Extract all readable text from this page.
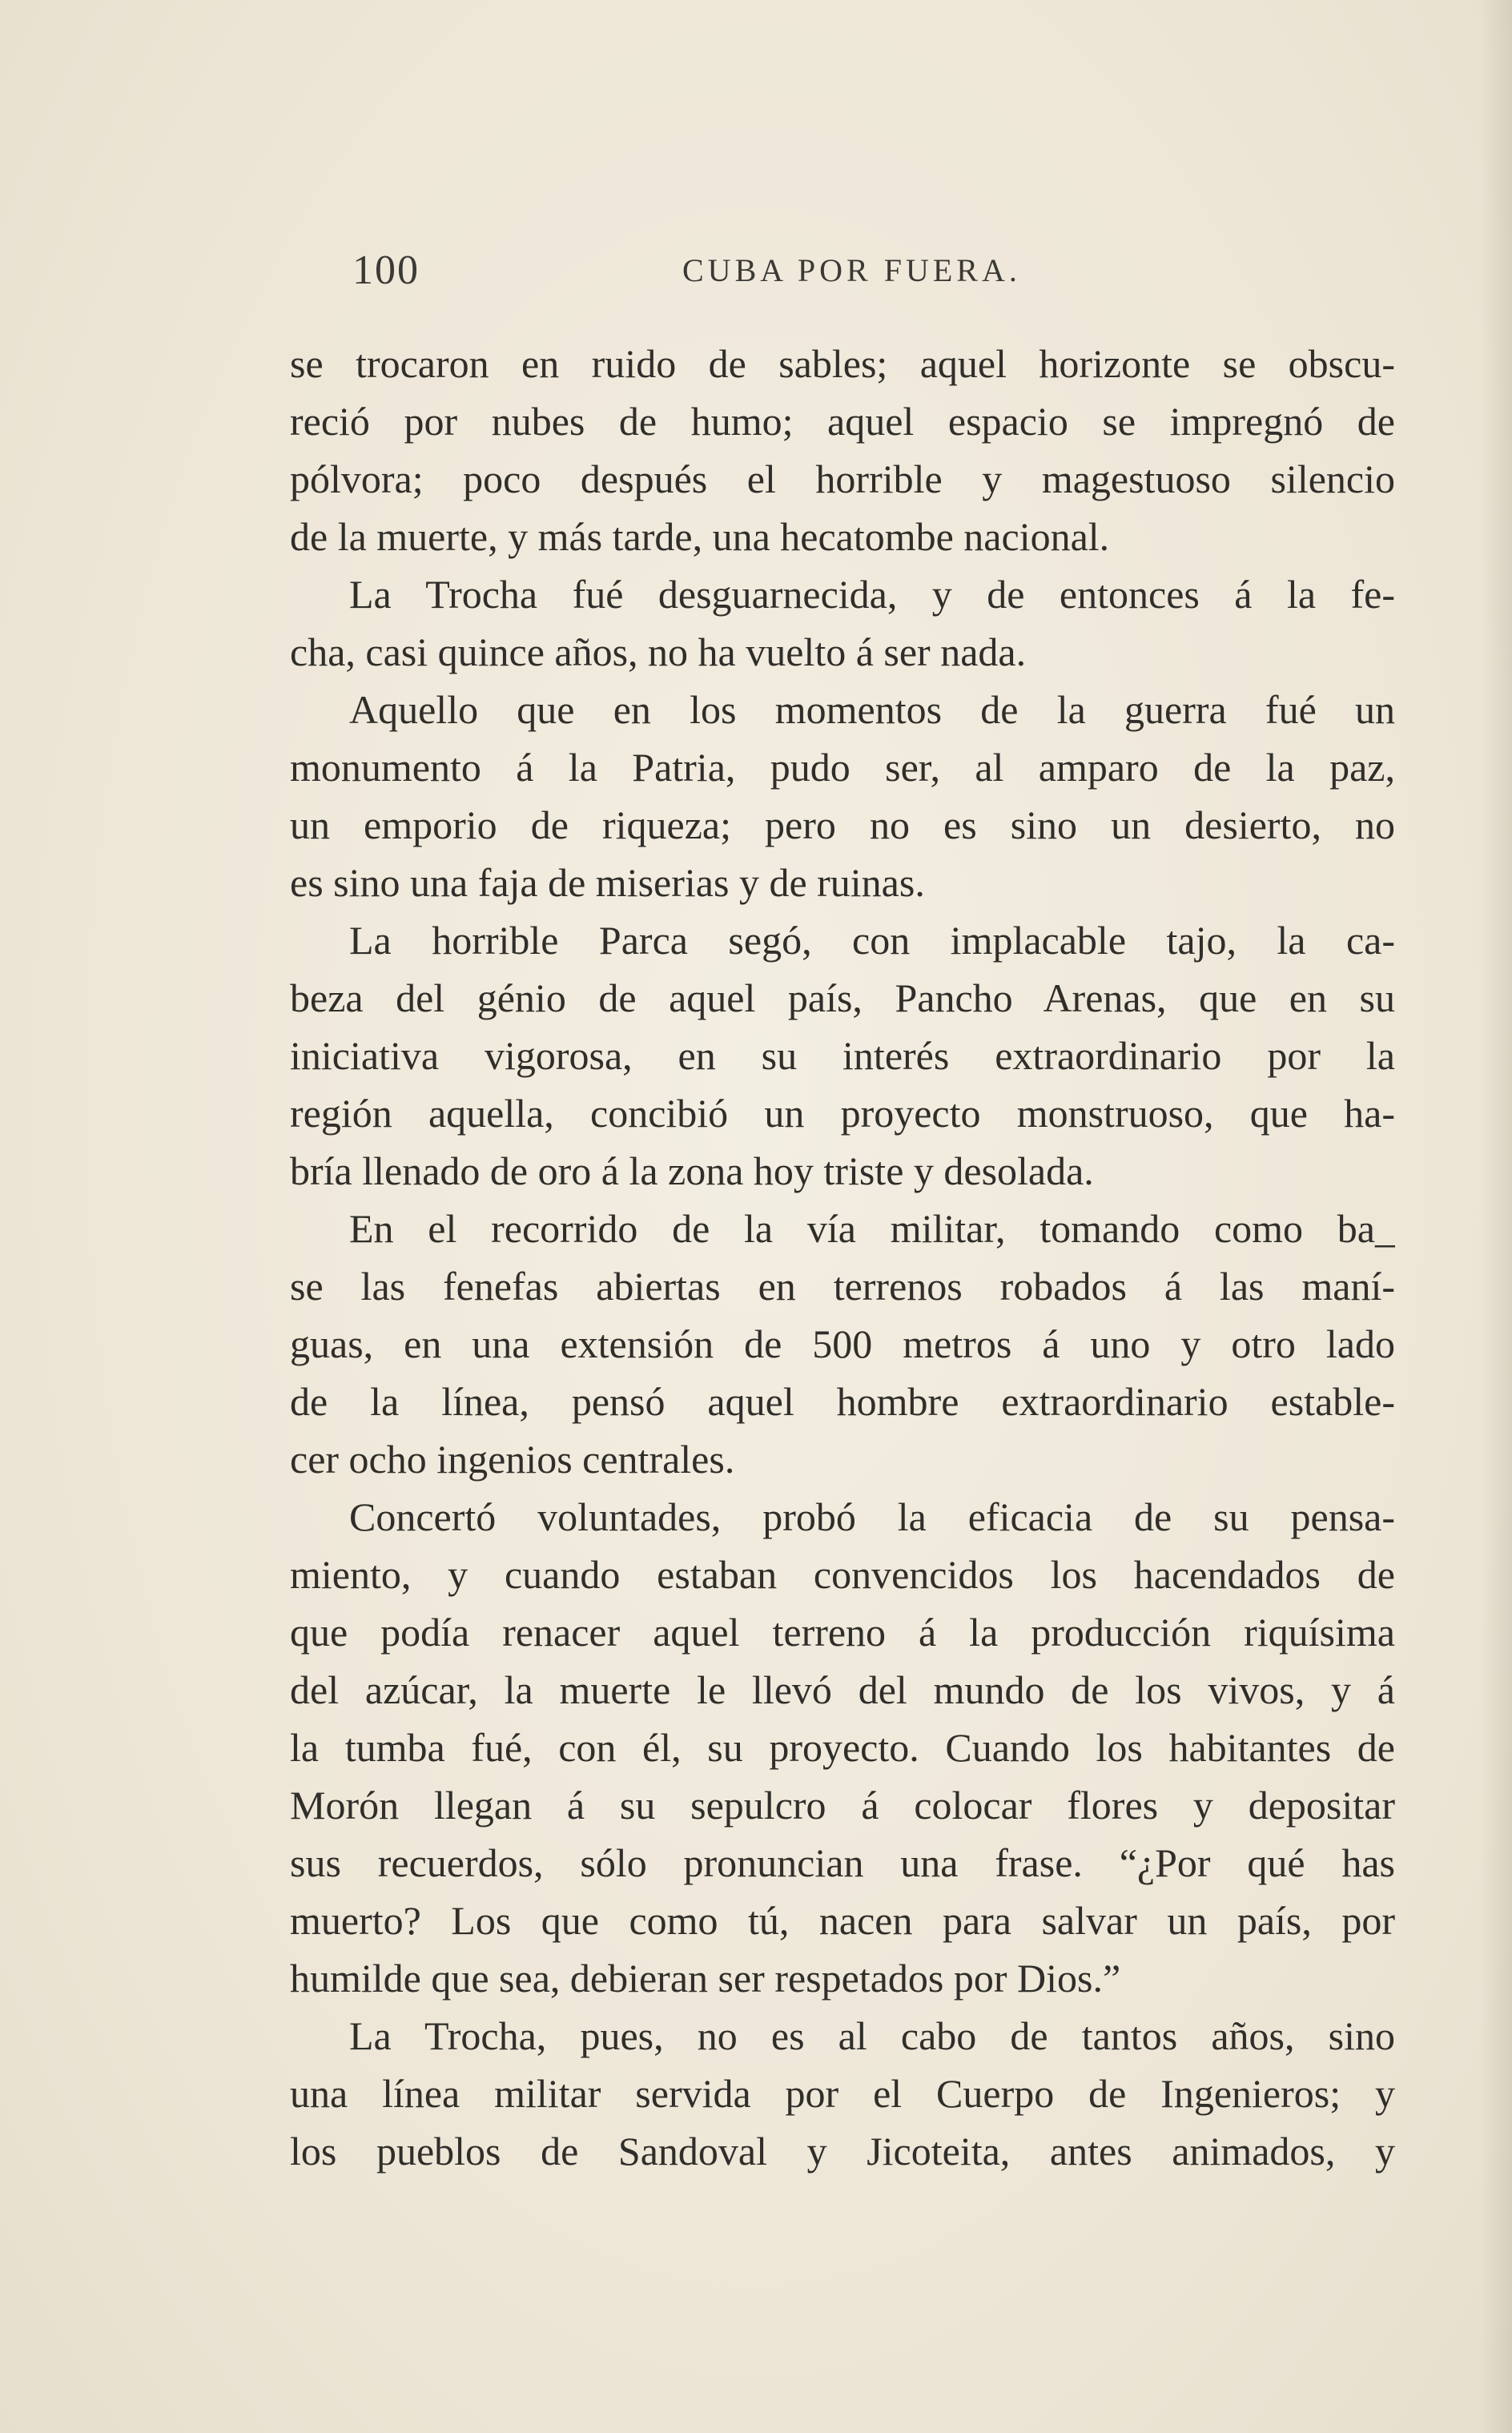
100	CUBA POR FUERA.
se trocaron en ruido de sables; aquel horizonte se obscu-
reció por nubes de humo; aquel espacio se impregnó de
pólvora; poco después el horrible y magestuoso silencio
de la muerte, y más tarde, una hecatombe nacional.
La Trocha fué desguarnecida, y de entonces á la fe-
cha, casi quince años, no ha vuelto á ser nada.
Aquello que en los momentos de la guerra fué un
monumento á la Patria, pudo ser, al amparo de la paz,
un emporio de riqueza; pero no es sino un desierto, no
es sino una faja de miserias y de ruinas.
La horrible Parca segó, con implacable tajo, la ca-
beza del génio de aquel país, Pancho Arenas, que en su
iniciativa vigorosa, en su interés extraordinario por la
región aquella, concibió un proyecto monstruoso, que ha-
bría llenado de oro á la zona hoy triste y desolada.
En el recorrido de la vía militar, tomando como ba_
se las fenefas abiertas en terrenos robados á las maní-
guas, en una extensión de 500 metros á uno y otro lado
de la línea, pensó aquel hombre extraordinario estable-
cer ocho ingenios centrales.
Concertó voluntades, probó la eficacia de su pensa-
miento, y cuando estaban convencidos los hacendados de
que podía renacer aquel terreno á la producción riquísima
del azúcar, la muerte le llevó del mundo de los vivos, y á
la tumba fué, con él, su proyecto. Cuando los habitantes de
Morón llegan á su sepulcro á colocar flores y depositar
sus recuerdos, sólo pronuncian una frase. “¿Por qué has
muerto? Los que como tú, nacen para salvar un país, por
humilde que sea, debieran ser respetados por Dios.”
La Trocha, pues, no es al cabo de tantos años, sino
una línea militar servida por el Cuerpo de Ingenieros; y
los pueblos de Sandoval y Jicoteita, antes animados, y
